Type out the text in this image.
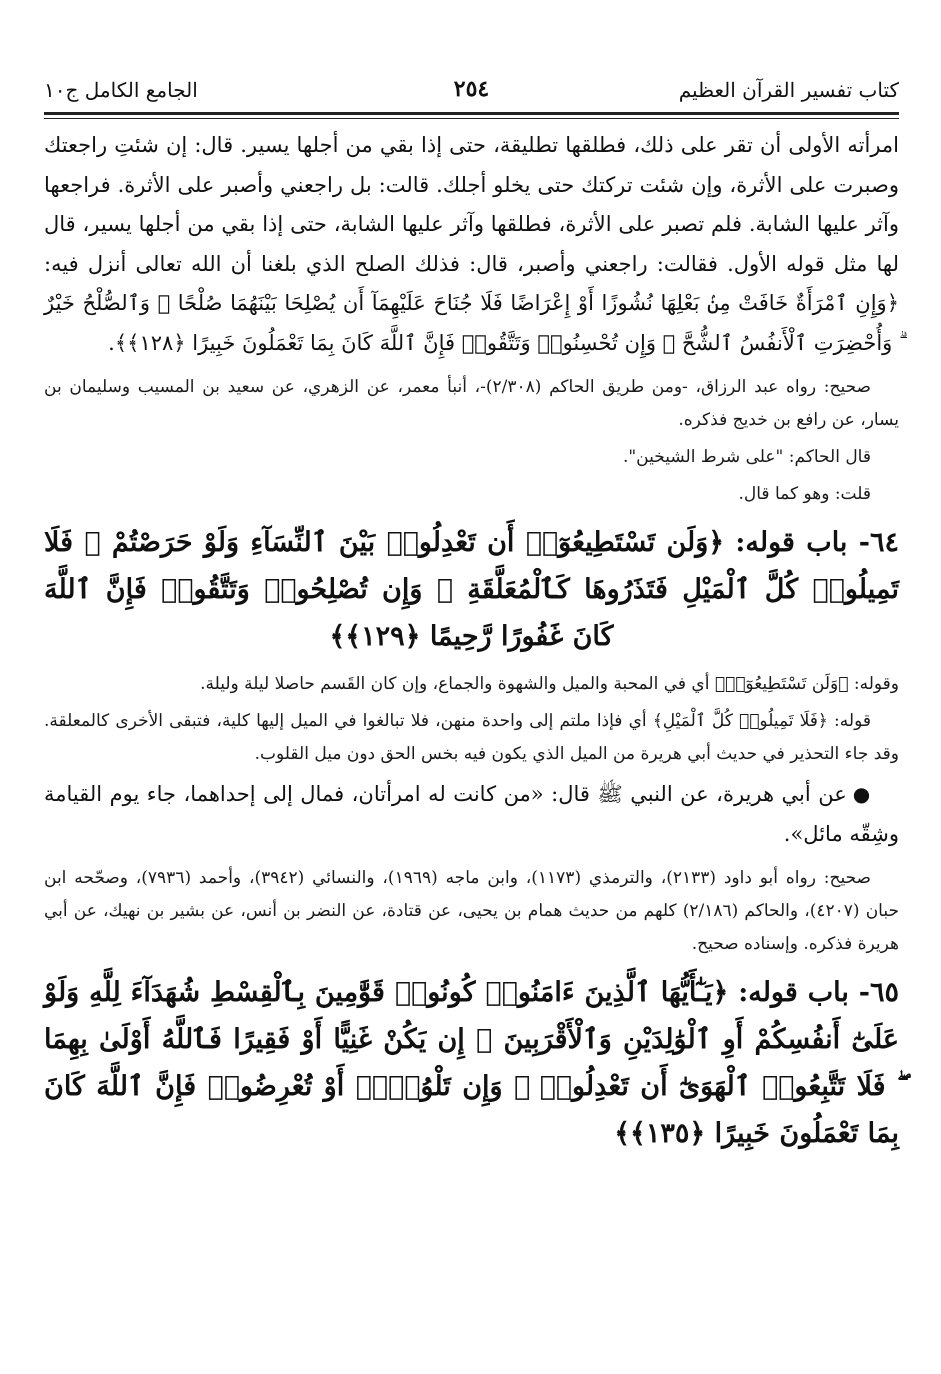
كتاب تفسير القرآن العظيم
٢٥٤
الجامع الكامل ج١٠

امرأته الأولى أن تقر على ذلك، فطلقها تطليقة، حتى إذا بقي من أجلها يسير. قال: إن شئتِ راجعتك وصبرت على الأثرة، وإن شئت تركتك حتى يخلو أجلك. قالت: بل راجعني وأصبر على الأثرة. فراجعها وآثر عليها الشابة. فلم تصبر على الأثرة، فطلقها وآثر عليها الشابة، حتى إذا بقي من أجلها يسير، قال لها مثل قوله الأول. فقالت: راجعني وأصبر، قال: فذلك الصلح الذي بلغنا أن الله تعالى أنزل فيه: ﴿وَإِنِ ٱمْرَأَةٌ خَافَتْ مِنۢ بَعْلِهَا نُشُوزًا أَوْ إِعْرَاضًا فَلَا جُنَاحَ عَلَيْهِمَآ أَن يُصْلِحَا بَيْنَهُمَا صُلْحًا ۚ وَٱلصُّلْحُ خَيْرٌ ۗ وَأُحْضِرَتِ ٱلْأَنفُسُ ٱلشُّحَّ ۚ وَإِن تُحْسِنُوا۟ وَتَتَّقُوا۟ فَإِنَّ ٱللَّهَ كَانَ بِمَا تَعْمَلُونَ خَبِيرًا ﴿١٢٨﴾﴾.

صحيح: رواه عبد الرزاق، -ومن طريق الحاكم (٢/٣٠٨)-، أنبأ معمر، عن الزهري، عن سعيد بن المسيب وسليمان بن يسار، عن رافع بن خديج فذكره.

قال الحاكم: "على شرط الشيخين".

قلت: وهو كما قال.

٦٤- باب قوله: ﴿وَلَن تَسْتَطِيعُوٓا۟ أَن تَعْدِلُوا۟ بَيْنَ ٱلنِّسَآءِ وَلَوْ حَرَصْتُمْ ۖ فَلَا تَمِيلُوا۟ كُلَّ ٱلْمَيْلِ فَتَذَرُوهَا كَٱلْمُعَلَّقَةِ ۚ وَإِن تُصْلِحُوا۟ وَتَتَّقُوا۟ فَإِنَّ ٱللَّهَ كَانَ غَفُورًا رَّحِيمًا ﴿١٢٩﴾﴾

وقوله: ﴿وَلَن تَسْتَطِيعُوٓا۟﴾ أي في المحبة والميل والشهوة والجماع، وإن كان القَسم حاصلا ليلة وليلة.

قوله: ﴿فَلَا تَمِيلُوا۟ كُلَّ ٱلْمَيْلِ﴾ أي فإذا ملتم إلى واحدة منهن، فلا تبالغوا في الميل إليها كلية، فتبقى الأخرى كالمعلقة. وقد جاء التحذير في حديث أبي هريرة من الميل الذي يكون فيه بخس الحق دون ميل القلوب.

●عن أبي هريرة، عن النبي ﷺ قال: «من كانت له امرأتان، فمال إلى إحداهما، جاء يوم القيامة وشِقّه مائل».

صحيح: رواه أبو داود (٢١٣٣)، والترمذي (١١٧٣)، وابن ماجه (١٩٦٩)، والنسائي (٣٩٤٢)، وأحمد (٧٩٣٦)، وصحّحه ابن حبان (٤٢٠٧)، والحاكم (٢/١٨٦) كلهم من حديث همام بن يحيى، عن قتادة، عن النضر بن أنس، عن بشير بن نهيك، عن أبي هريرة فذكره. وإسناده صحيح.

٦٥- باب قوله: ﴿يَـٰٓأَيُّهَا ٱلَّذِينَ ءَامَنُوا۟ كُونُوا۟ قَوَّٰمِينَ بِٱلْقِسْطِ شُهَدَآءَ لِلَّهِ وَلَوْ عَلَىٰٓ أَنفُسِكُمْ أَوِ ٱلْوَٰلِدَيْنِ وَٱلْأَقْرَبِينَ ۚ إِن يَكُنْ غَنِيًّا أَوْ فَقِيرًا فَٱللَّهُ أَوْلَىٰ بِهِمَا ۖ فَلَا تَتَّبِعُوا۟ ٱلْهَوَىٰٓ أَن تَعْدِلُوا۟ ۚ وَإِن تَلْوُۥٓا۟ أَوْ تُعْرِضُوا۟ فَإِنَّ ٱللَّهَ كَانَ بِمَا تَعْمَلُونَ خَبِيرًا ﴿١٣٥﴾﴾
